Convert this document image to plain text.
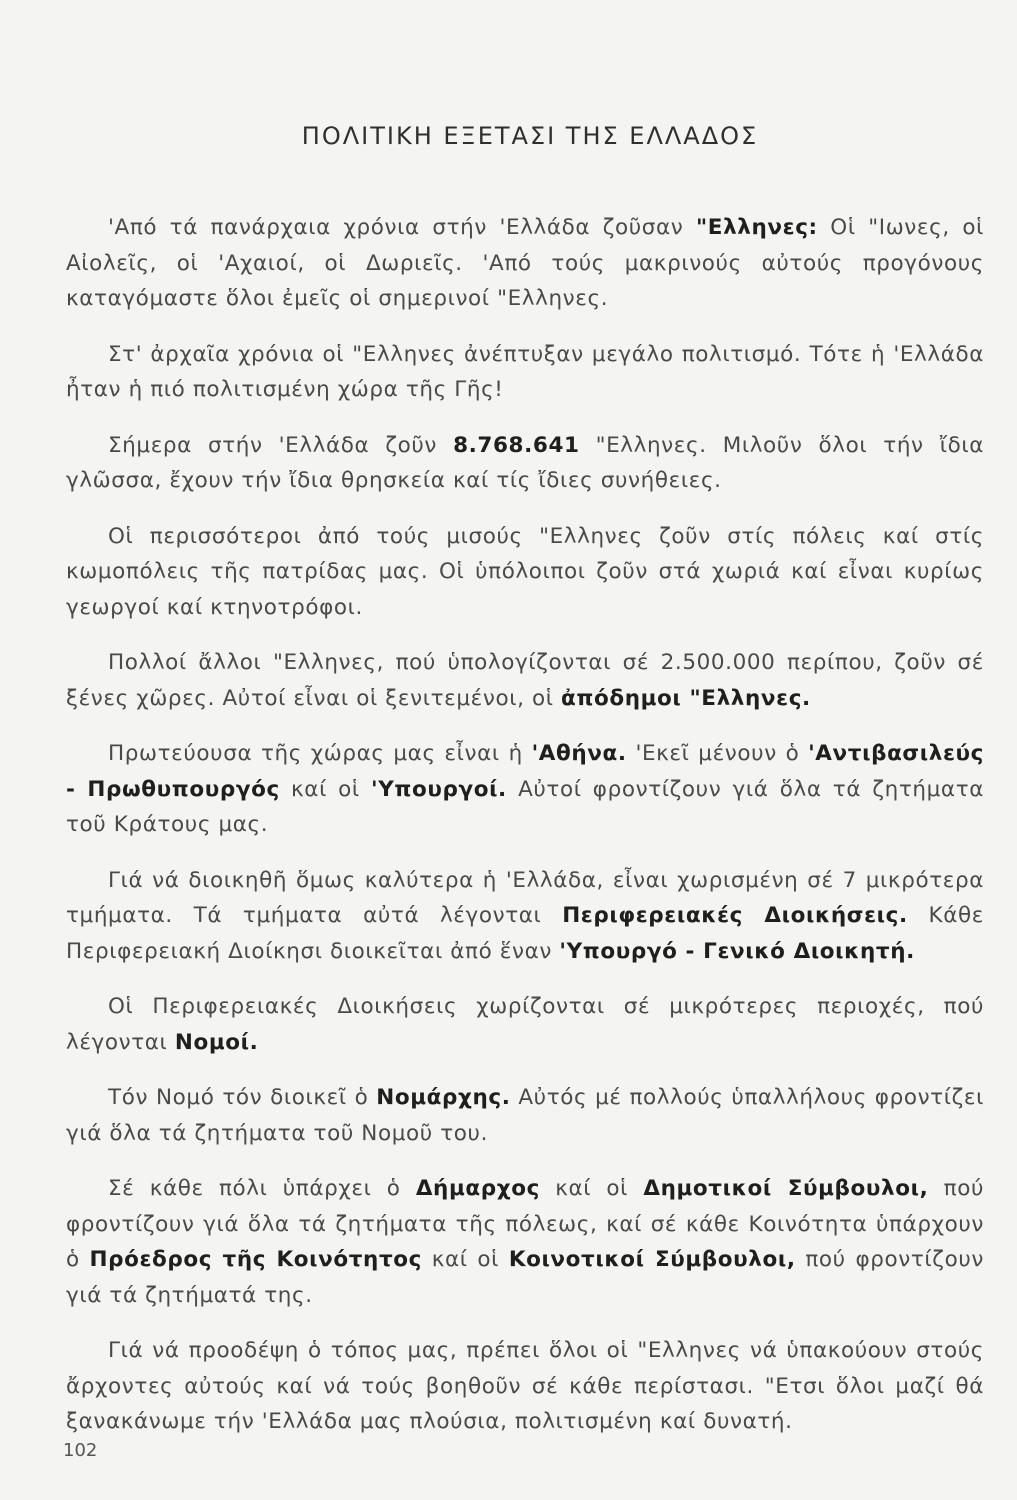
ΠΟΛΙΤΙΚΗ ΕΞΕΤΑΣΙ ΤΗΣ ΕΛΛΑΔΟΣ

'Από τά πανάρχαια χρόνια στήν 'Ελλάδα ζοῦσαν "Ελληνες: Οἱ "Ιωνες, οἱ Αἰολεῖς, οἱ 'Αχαιοί, οἱ Δωριεῖς. 'Από τούς μακρινούς αὐτούς προγόνους καταγόμαστε ὅλοι ἐμεῖς οἱ σημερινοί "Ελληνες.

Στ' ἀρχαῖα χρόνια οἱ "Ελληνες ἀνέπτυξαν μεγάλο πολιτισμό. Τότε ἡ 'Ελλάδα ἦταν ἡ πιό πολιτισμένη χώρα τῆς Γῆς!

Σήμερα στήν 'Ελλάδα ζοῦν 8.768.641 "Ελληνες. Μιλοῦν ὅλοι τήν ἴδια γλῶσσα, ἔχουν τήν ἴδια θρησκεία καί τίς ἴδιες συνήθειες.

Οἱ περισσότεροι ἀπό τούς μισούς "Ελληνες ζοῦν στίς πόλεις καί στίς κωμοπόλεις τῆς πατρίδας μας. Οἱ ὑπόλοιποι ζοῦν στά χωριά καί εἶναι κυρίως γεωργοί καί κτηνοτρόφοι.

Πολλοί ἄλλοι "Ελληνες, πού ὑπολογίζονται σέ 2.500.000 περίπου, ζοῦν σέ ξένες χῶρες. Αὐτοί εἶναι οἱ ξενιτεμένοι, οἱ ἀπόδημοι "Ελληνες.

Πρωτεύουσα τῆς χώρας μας εἶναι ἡ 'Αθήνα. 'Εκεῖ μένουν ὁ 'Αντιβασιλεύς - Πρωθυπουργός καί οἱ 'Υπουργοί. Αὐτοί φροντίζουν γιά ὅλα τά ζητήματα τοῦ Κράτους μας.

Γιά νά διοικηθῆ ὅμως καλύτερα ἡ 'Ελλάδα, εἶναι χωρισμένη σέ 7 μικρότερα τμήματα. Τά τμήματα αὐτά λέγονται Περιφερειακές Διοικήσεις. Κάθε Περιφερειακή Διοίκησι διοικεῖται ἀπό ἕναν 'Υπουργό - Γενικό Διοικητή.

Οἱ Περιφερειακές Διοικήσεις χωρίζονται σέ μικρότερες περιοχές, πού λέγονται Νομοί.

Τόν Νομό τόν διοικεῖ ὁ Νομάρχης. Αὐτός μέ πολλούς ὑπαλλήλους φροντίζει γιά ὅλα τά ζητήματα τοῦ Νομοῦ του.

Σέ κάθε πόλι ὑπάρχει ὁ Δήμαρχος καί οἱ Δημοτικοί Σύμβουλοι, πού φροντίζουν γιά ὅλα τά ζητήματα τῆς πόλεως, καί σέ κάθε Κοινότητα ὑπάρχουν ὁ Πρόεδρος τῆς Κοινότητος καί οἱ Κοινοτικοί Σύμβουλοι, πού φροντίζουν γιά τά ζητήματά της.

Γιά νά προοδέψη ὁ τόπος μας, πρέπει ὅλοι οἱ "Ελληνες νά ὑπακούουν στούς ἄρχοντες αὐτούς καί νά τούς βοηθοῦν σέ κάθε περίστασι. "Ετσι ὅλοι μαζί θά ξανακάνωμε τήν 'Ελλάδα μας πλούσια, πολιτισμένη καί δυνατή.

102
